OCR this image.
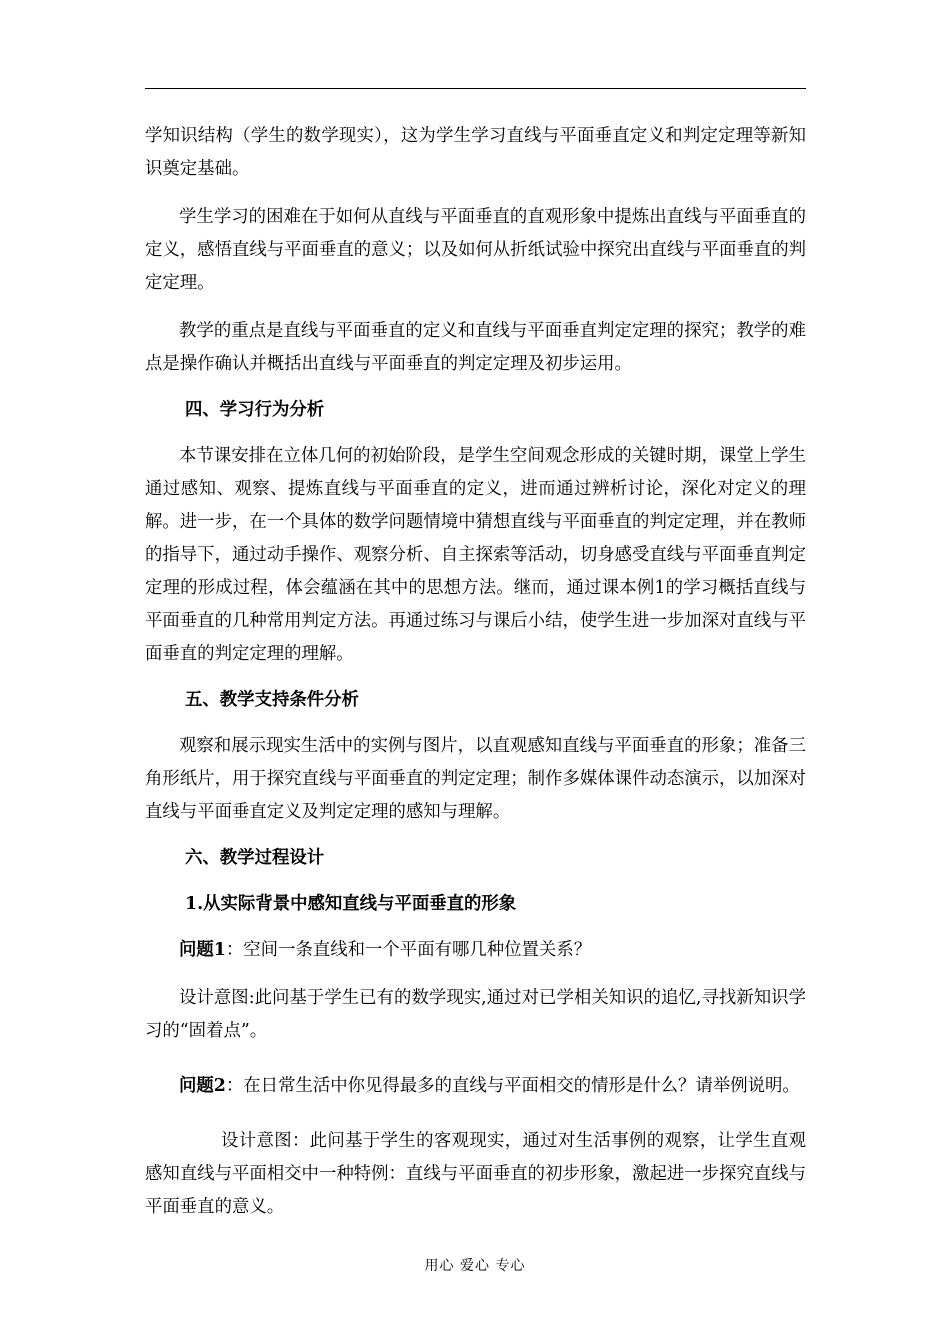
学知识结构（学生的数学现实），这为学生学习直线与平面垂直定义和判定定理等新知识奠定基础。

学生学习的困难在于如何从直线与平面垂直的直观形象中提炼出直线与平面垂直的定义，感悟直线与平面垂直的意义；以及如何从折纸试验中探究出直线与平面垂直的判定定理。

教学的重点是直线与平面垂直的定义和直线与平面垂直判定定理的探究；教学的难点是操作确认并概括出直线与平面垂直的判定定理及初步运用。

四、学习行为分析

本节课安排在立体几何的初始阶段，是学生空间观念形成的关键时期，课堂上学生通过感知、观察、提炼直线与平面垂直的定义，进而通过辨析讨论，深化对定义的理解。进一步，在一个具体的数学问题情境中猜想直线与平面垂直的判定定理，并在教师的指导下，通过动手操作、观察分析、自主探索等活动，切身感受直线与平面垂直判定定理的形成过程，体会蕴涵在其中的思想方法。继而，通过课本例1的学习概括直线与平面垂直的几种常用判定方法。再通过练习与课后小结，使学生进一步加深对直线与平面垂直的判定定理的理解。

五、教学支持条件分析

观察和展示现实生活中的实例与图片，以直观感知直线与平面垂直的形象；准备三角形纸片，用于探究直线与平面垂直的判定定理；制作多媒体课件动态演示，以加深对直线与平面垂直定义及判定定理的感知与理解。

六、教学过程设计

1.从实际背景中感知直线与平面垂直的形象

问题1：空间一条直线和一个平面有哪几种位置关系？

设计意图:此问基于学生已有的数学现实,通过对已学相关知识的追忆,寻找新知识学习的“固着点”。

问题2：在日常生活中你见得最多的直线与平面相交的情形是什么？请举例说明。

设计意图：此问基于学生的客观现实，通过对生活事例的观察，让学生直观感知直线与平面相交中一种特例：直线与平面垂直的初步形象，激起进一步探究直线与平面垂直的意义。

用心 爱心 专心
